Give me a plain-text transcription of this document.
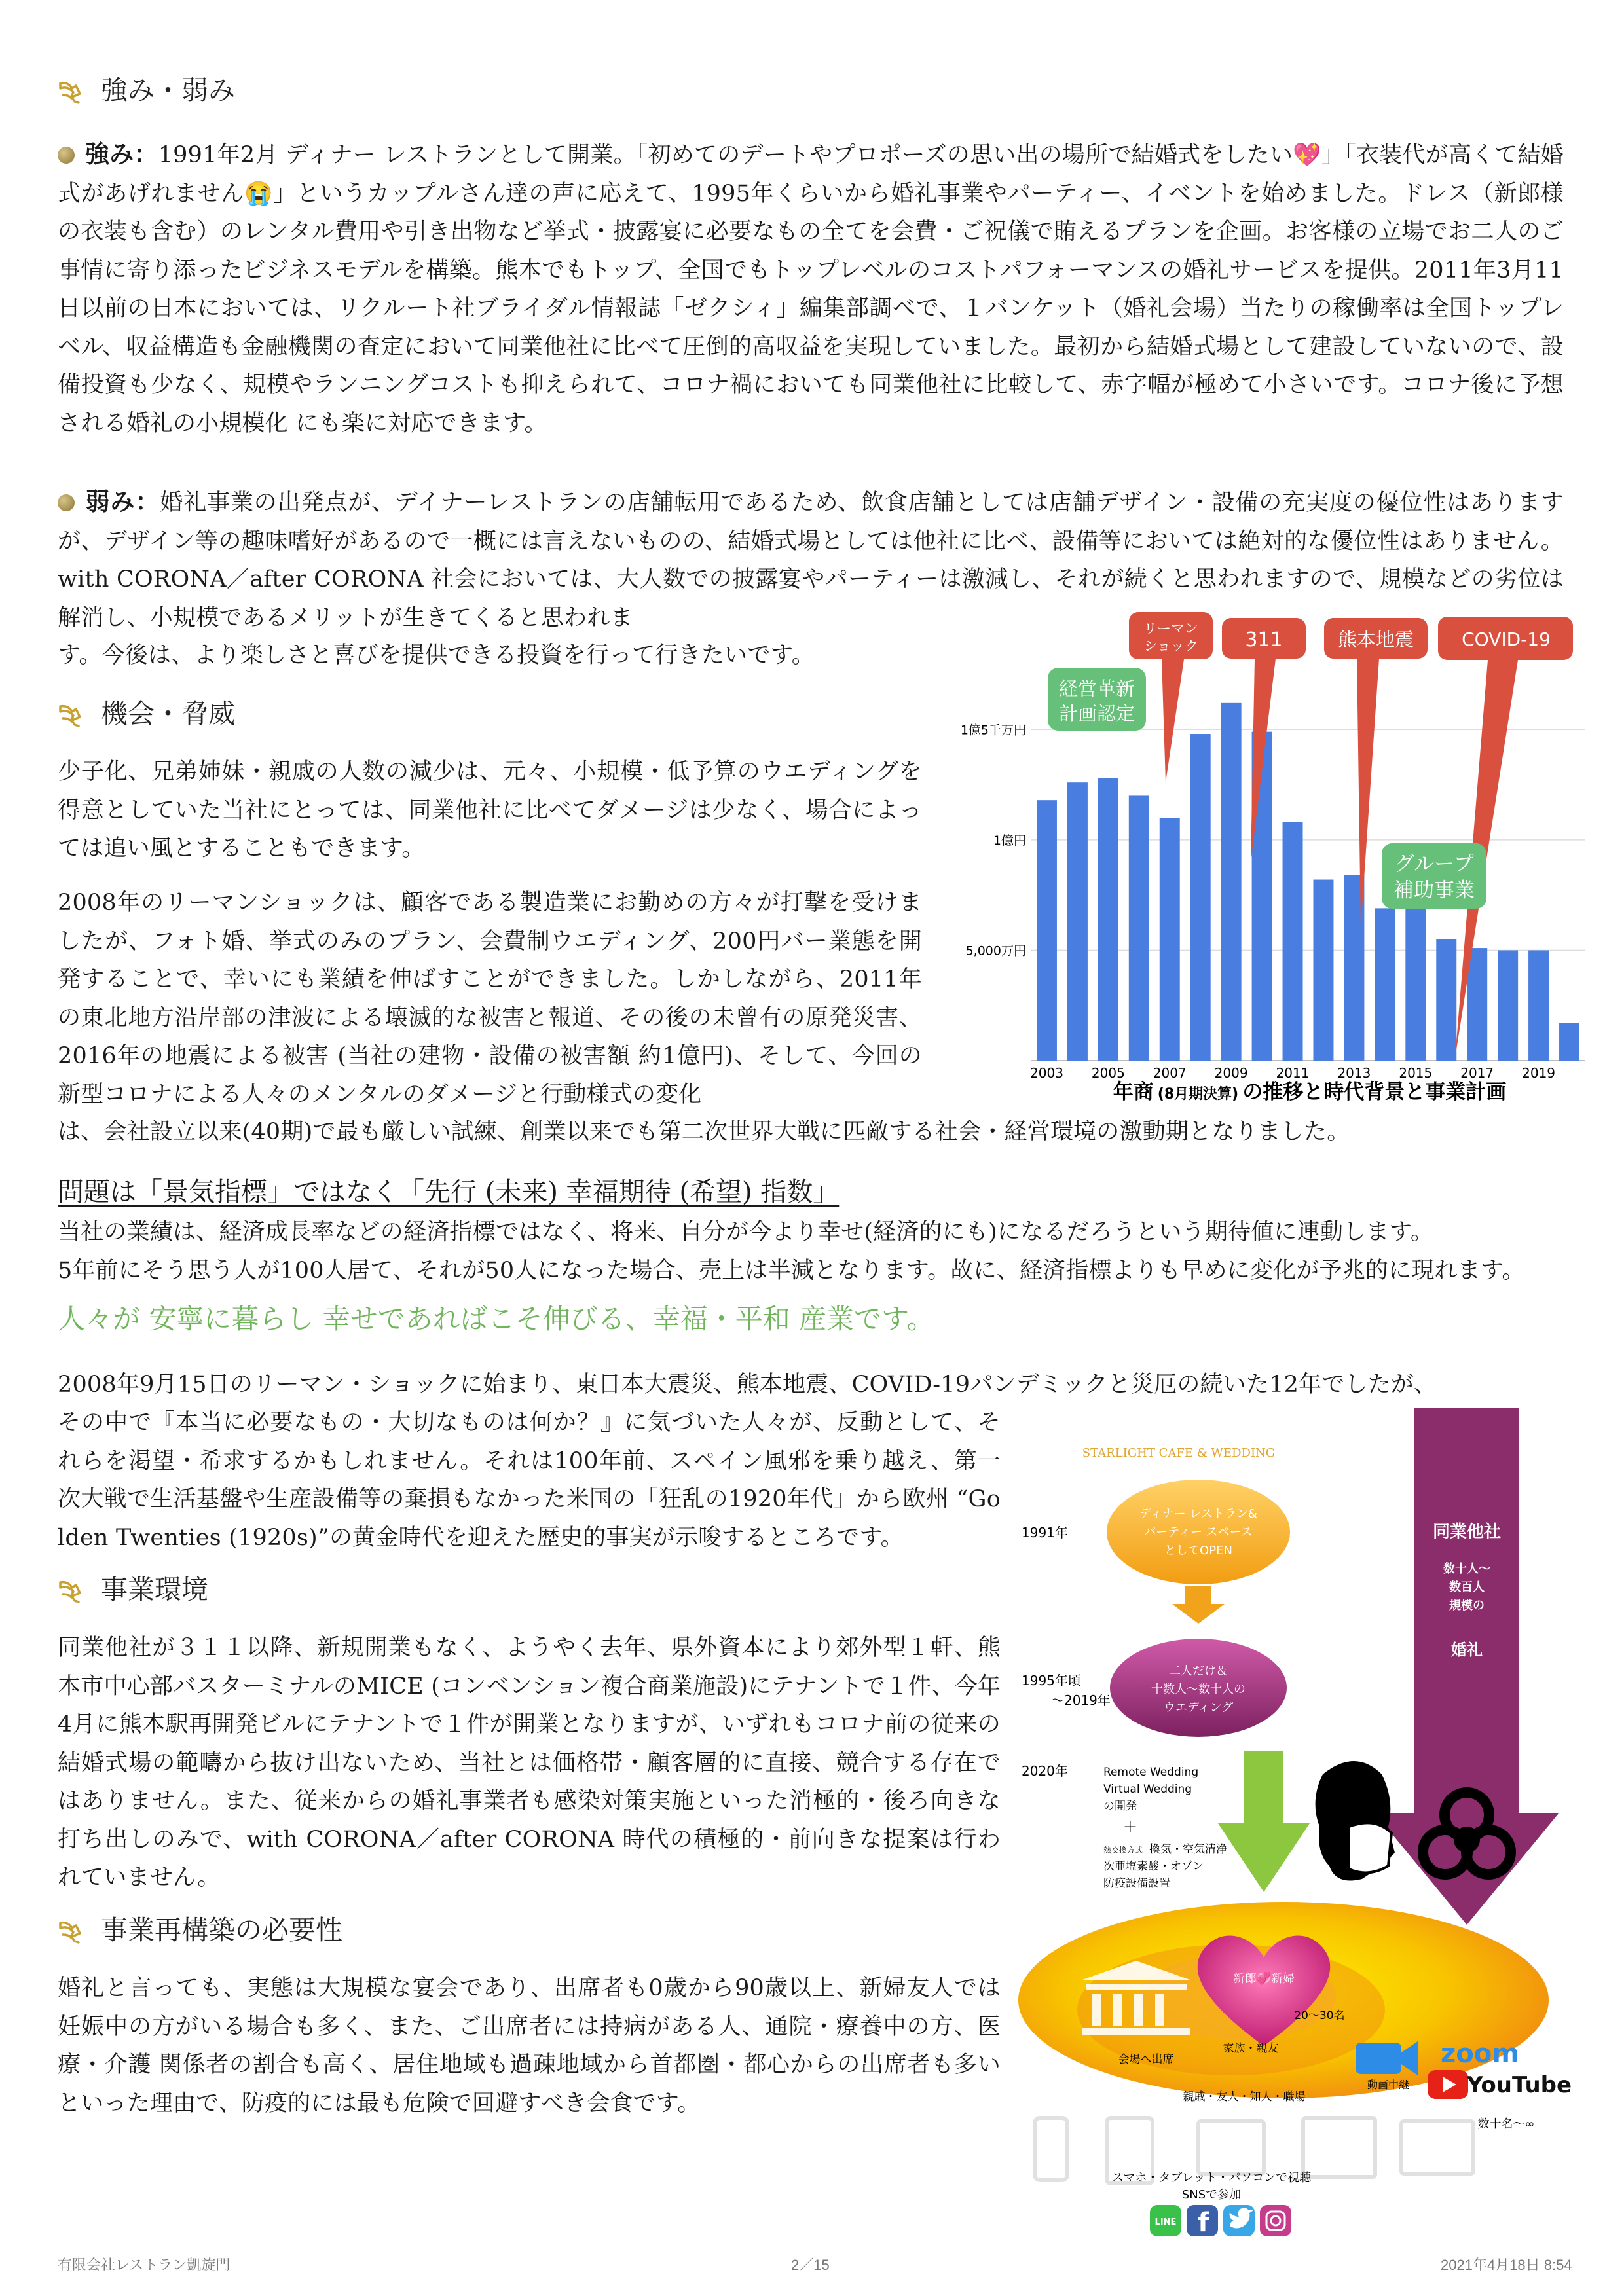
強み・弱み
強み：1991年2月 ディナー レストランとして開業。「初めてのデートやプロポーズの思い出の場所で結婚式をしたい💖」「衣装代が高くて結婚式があげれません😭」というカップルさん達の声に応えて、1995年くらいから婚礼事業やパーティー、イベントを始めました。ドレス（新郎様の衣装も含む）のレンタル費用や引き出物など挙式・披露宴に必要なもの全てを会費・ご祝儀で賄えるプランを企画。お客様の立場でお二人のご事情に寄り添ったビジネスモデルを構築。熊本でもトップ、全国でもトップレベルのコストパフォーマンスの婚礼サービスを提供。2011年3月11日以前の日本においては、リクルート社ブライダル情報誌「ゼクシィ」編集部調べで、１バンケット（婚礼会場）当たりの稼働率は全国トップレベル、収益構造も金融機関の査定において同業他社に比べて圧倒的高収益を実現していました。最初から結婚式場として建設していないので、設備投資も少なく、規模やランニングコストも抑えられて、コロナ禍においても同業他社に比較して、赤字幅が極めて小さいです。コロナ後に予想される婚礼の小規模化 にも楽に対応できます。
弱み：婚礼事業の出発点が、デイナーレストランの店舗転用であるため、飲食店舗としては店舗デザイン・設備の充実度の優位性はありますが、デザイン等の趣味嗜好があるので一概には言えないものの、結婚式場としては他社に比べ、設備等においては絶対的な優位性はありません。with CORONA／after CORONA 社会においては、大人数での披露宴やパーティーは激減し、それが続くと思われますので、規模などの劣位は解消し、小規模であるメリットが生きてくると思われま
す。今後は、より楽しさと喜びを提供できる投資を行って行きたいです。
機会・脅威
少子化、兄弟姉妹・親戚の人数の減少は、元々、小規模・低予算のウエディングを得意としていた当社にとっては、同業他社に比べてダメージは少なく、場合によっては追い風とすることもできます。
2008年のリーマンショックは、顧客である製造業にお勤めの方々が打撃を受けましたが、フォト婚、挙式のみのプラン、会費制ウエディング、200円バー業態を開発することで、幸いにも業績を伸ばすことができました。しかしながら、2011年の東北地方沿岸部の津波による壊滅的な被害と報道、その後の未曾有の原発災害、2016年の地震による被害 (当社の建物・設備の被害額 約1億円)、そして、今回の新型コロナによる人々のメンタルのダメージと行動様式の変化
は、会社設立以来(40期)で最も厳しい試練、創業以来でも第二次世界大戦に匹敵する社会・経営環境の激動期となりました。
1億5千万円
1億円
5,000万円
2003 2005 2007 2009 2011 2013 2015 2017 2019
リーマン
ショック 311	熊本地震	COVID-19
経営革新
計画認定
グループ
補助事業
年商 (8月期決算) の推移と時代背景と事業計画
問題は「景気指標」ではなく「先行 (未来) 幸福期待 (希望) 指数」
当社の業績は、経済成長率などの経済指標ではなく、将来、自分が今より幸せ(経済的にも)になるだろうという期待値に連動します。
5年前にそう思う人が100人居て、それが50人になった場合、売上は半減となります。故に、経済指標よりも早めに変化が予兆的に現れます。
人々が 安寧に暮らし 幸せであればこそ伸びる、幸福・平和 産業です。
2008年9月15日のリーマン・ショックに始まり、東日本大震災、熊本地震、COVID-19パンデミックと災厄の続いた12年でしたが、
その中で『本当に必要なもの・大切なものは何か？』に気づいた人々が、反動として、それらを渇望・希求するかもしれません。それは100年前、スペイン風邪を乗り越え、第一次大戦で生活基盤や生産設備等の棄損もなかった米国の「狂乱の1920年代」から欧州 “Golden Twenties (1920s)”の黄金時代を迎えた歴史的事実が示唆するところです。
事業環境
同業他社が３１１以降、新規開業もなく、ようやく去年、県外資本により郊外型１軒、熊本市中心部バスターミナルのMICE (コンベンション複合商業施設)にテナントで１件、今年4月に熊本駅再開発ビルにテナントで１件が開業となりますが、いずれもコロナ前の従来の結婚式場の範疇から抜け出ないため、当社とは価格帯・顧客層的に直接、競合する存在ではありません。また、従来からの婚礼事業者も感染対策実施といった消極的・後ろ向きな打ち出しのみで、with CORONA／after CORONA 時代の積極的・前向きな提案は行われていません。
事業再構築の必要性
婚礼と言っても、実態は大規模な宴会であり、出席者も0歳から90歳以上、新婦友人では妊娠中の方がいる場合も多く、また、ご出席者には持病がある人、通院・療養中の方、医療・介護 関係者の割合も高く、居住地域も過疎地域から首都圏・都心からの出席者も多いといった理由で、防疫的には最も危険で回避すべき会食です。
同業他社
数十人～
数百人
規模の
婚礼
STARLIGHT CAFE & WEDDING
1991年
ディナー レストラン&
パーティー スペース
としてOPEN
1995年頃
～2019年
二人だけ＆
十数人～数十人の
ウエディング
2020年	Remote Wedding
Virtual Wedding
の開発
＋
熱交換方式 換気・空気清浄
次亜塩素酸・オゾン
防疫設備設置
新郎💞新婦
会場へ出席
家族・親友
20～30名
親戚・友人・知人・職場
動画中継
zoom
YouTube
数十名～∞
スマホ・タブレット・パソコンで視聴
SNSで参加
LINE f
有限会社レストラン凱旋門	2／15	2021年4月18日 8:54
